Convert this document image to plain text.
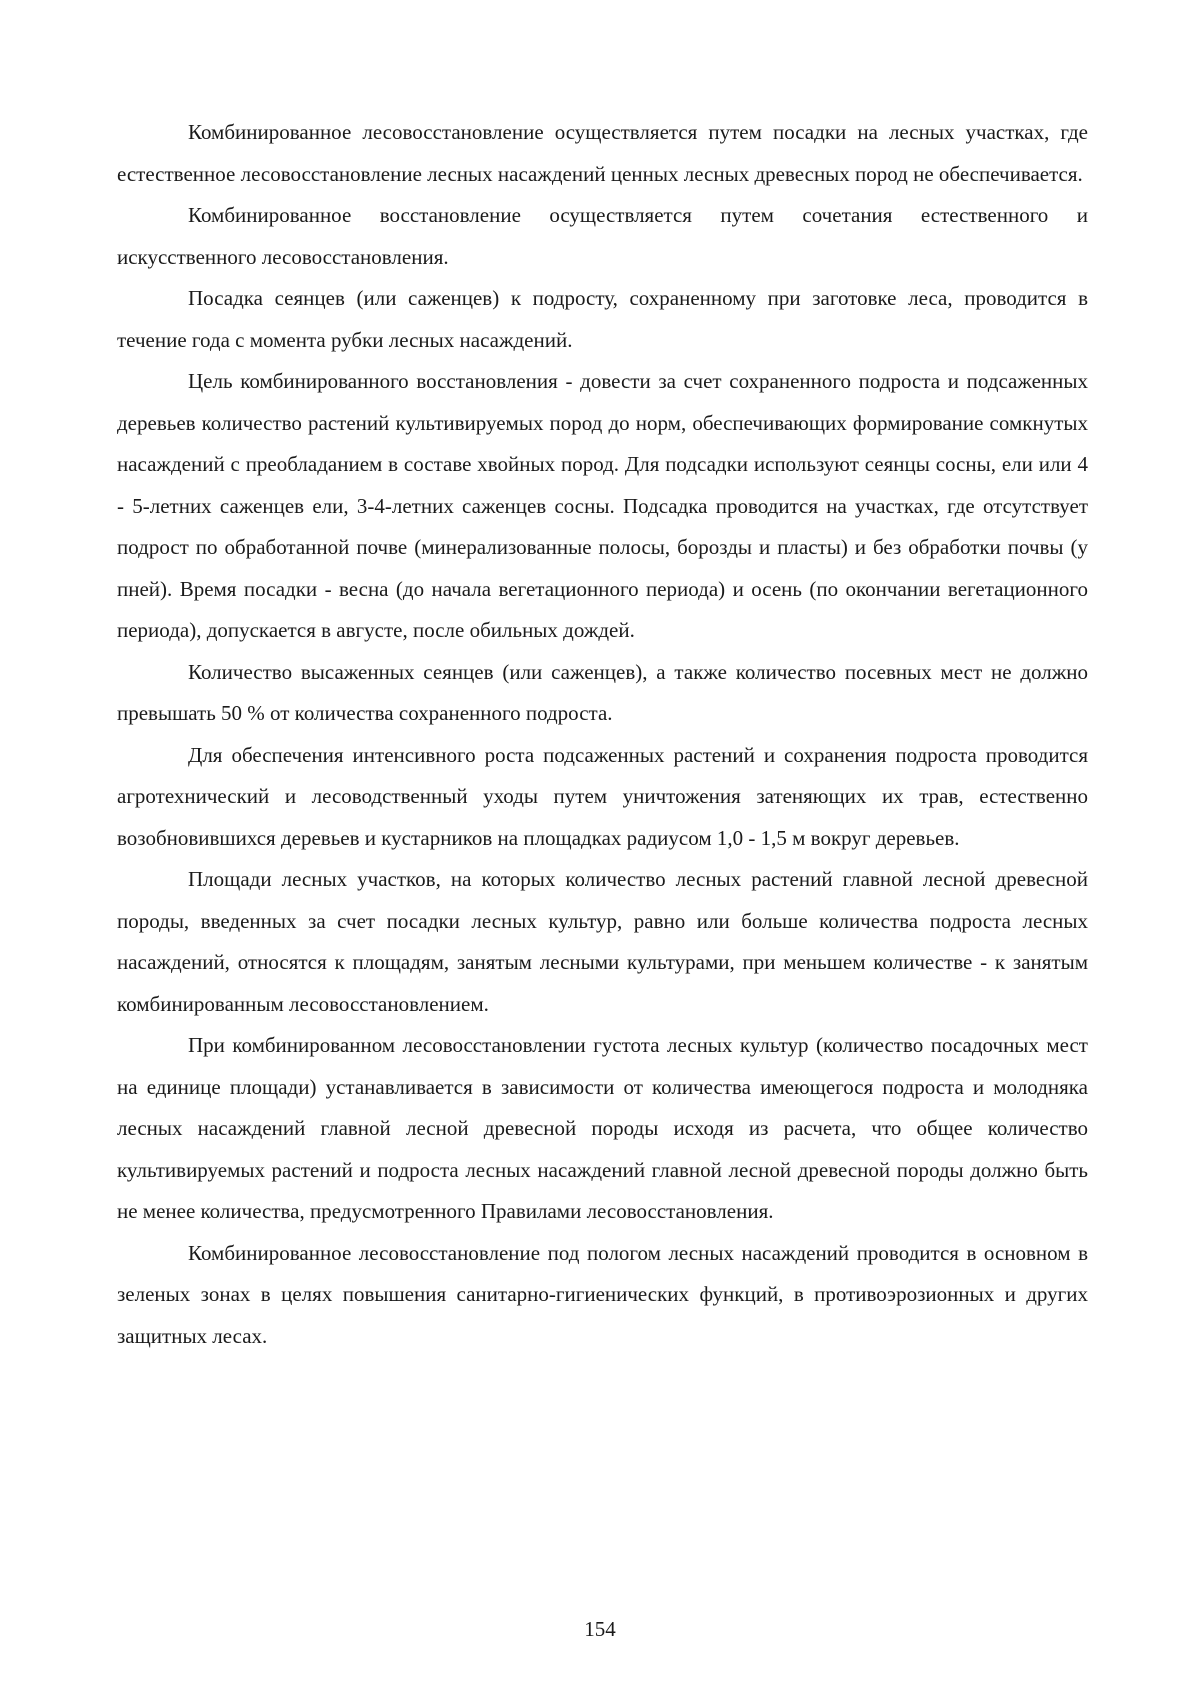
Комбинированное лесовосстановление осуществляется путем посадки на лесных участках, где естественное лесовосстановление лесных насаждений ценных лесных древесных пород не обеспечивается.

Комбинированное восстановление осуществляется путем сочетания естественного и искусственного лесовосстановления.

Посадка сеянцев (или саженцев) к подросту, сохраненному при заготовке леса, проводится в течение года с момента рубки лесных насаждений.

Цель комбинированного восстановления - довести за счет сохраненного подроста и подсаженных деревьев количество растений культивируемых пород до норм, обеспечивающих формирование сомкнутых насаждений с преобладанием в составе хвойных пород. Для подсадки используют сеянцы сосны, ели или 4 - 5-летних саженцев ели, 3-4-летних саженцев сосны. Подсадка проводится на участках, где отсутствует подрост по обработанной почве (минерализованные полосы, борозды и пласты) и без обработки почвы (у пней). Время посадки - весна (до начала вегетационного периода) и осень (по окончании вегетационного периода), допускается в августе, после обильных дождей.

Количество высаженных сеянцев (или саженцев), а также количество посевных мест не должно превышать 50 % от количества сохраненного подроста.

Для обеспечения интенсивного роста подсаженных растений и сохранения подроста проводится агротехнический и лесоводственный уходы путем уничтожения затеняющих их трав, естественно возобновившихся деревьев и кустарников на площадках радиусом 1,0 - 1,5 м вокруг деревьев.

Площади лесных участков, на которых количество лесных растений главной лесной древесной породы, введенных за счет посадки лесных культур, равно или больше количества подроста лесных насаждений, относятся к площадям, занятым лесными культурами, при меньшем количестве - к занятым комбинированным лесовосстановлением.

При комбинированном лесовосстановлении густота лесных культур (количество посадочных мест на единице площади) устанавливается в зависимости от количества имеющегося подроста и молодняка лесных насаждений главной лесной древесной породы исходя из расчета, что общее количество культивируемых растений и подроста лесных насаждений главной лесной древесной породы должно быть не менее количества, предусмотренного Правилами лесовосстановления.

Комбинированное лесовосстановление под пологом лесных насаждений проводится в основном в зеленых зонах в целях повышения санитарно-гигиенических функций, в противоэрозионных и других защитных лесах.

154
